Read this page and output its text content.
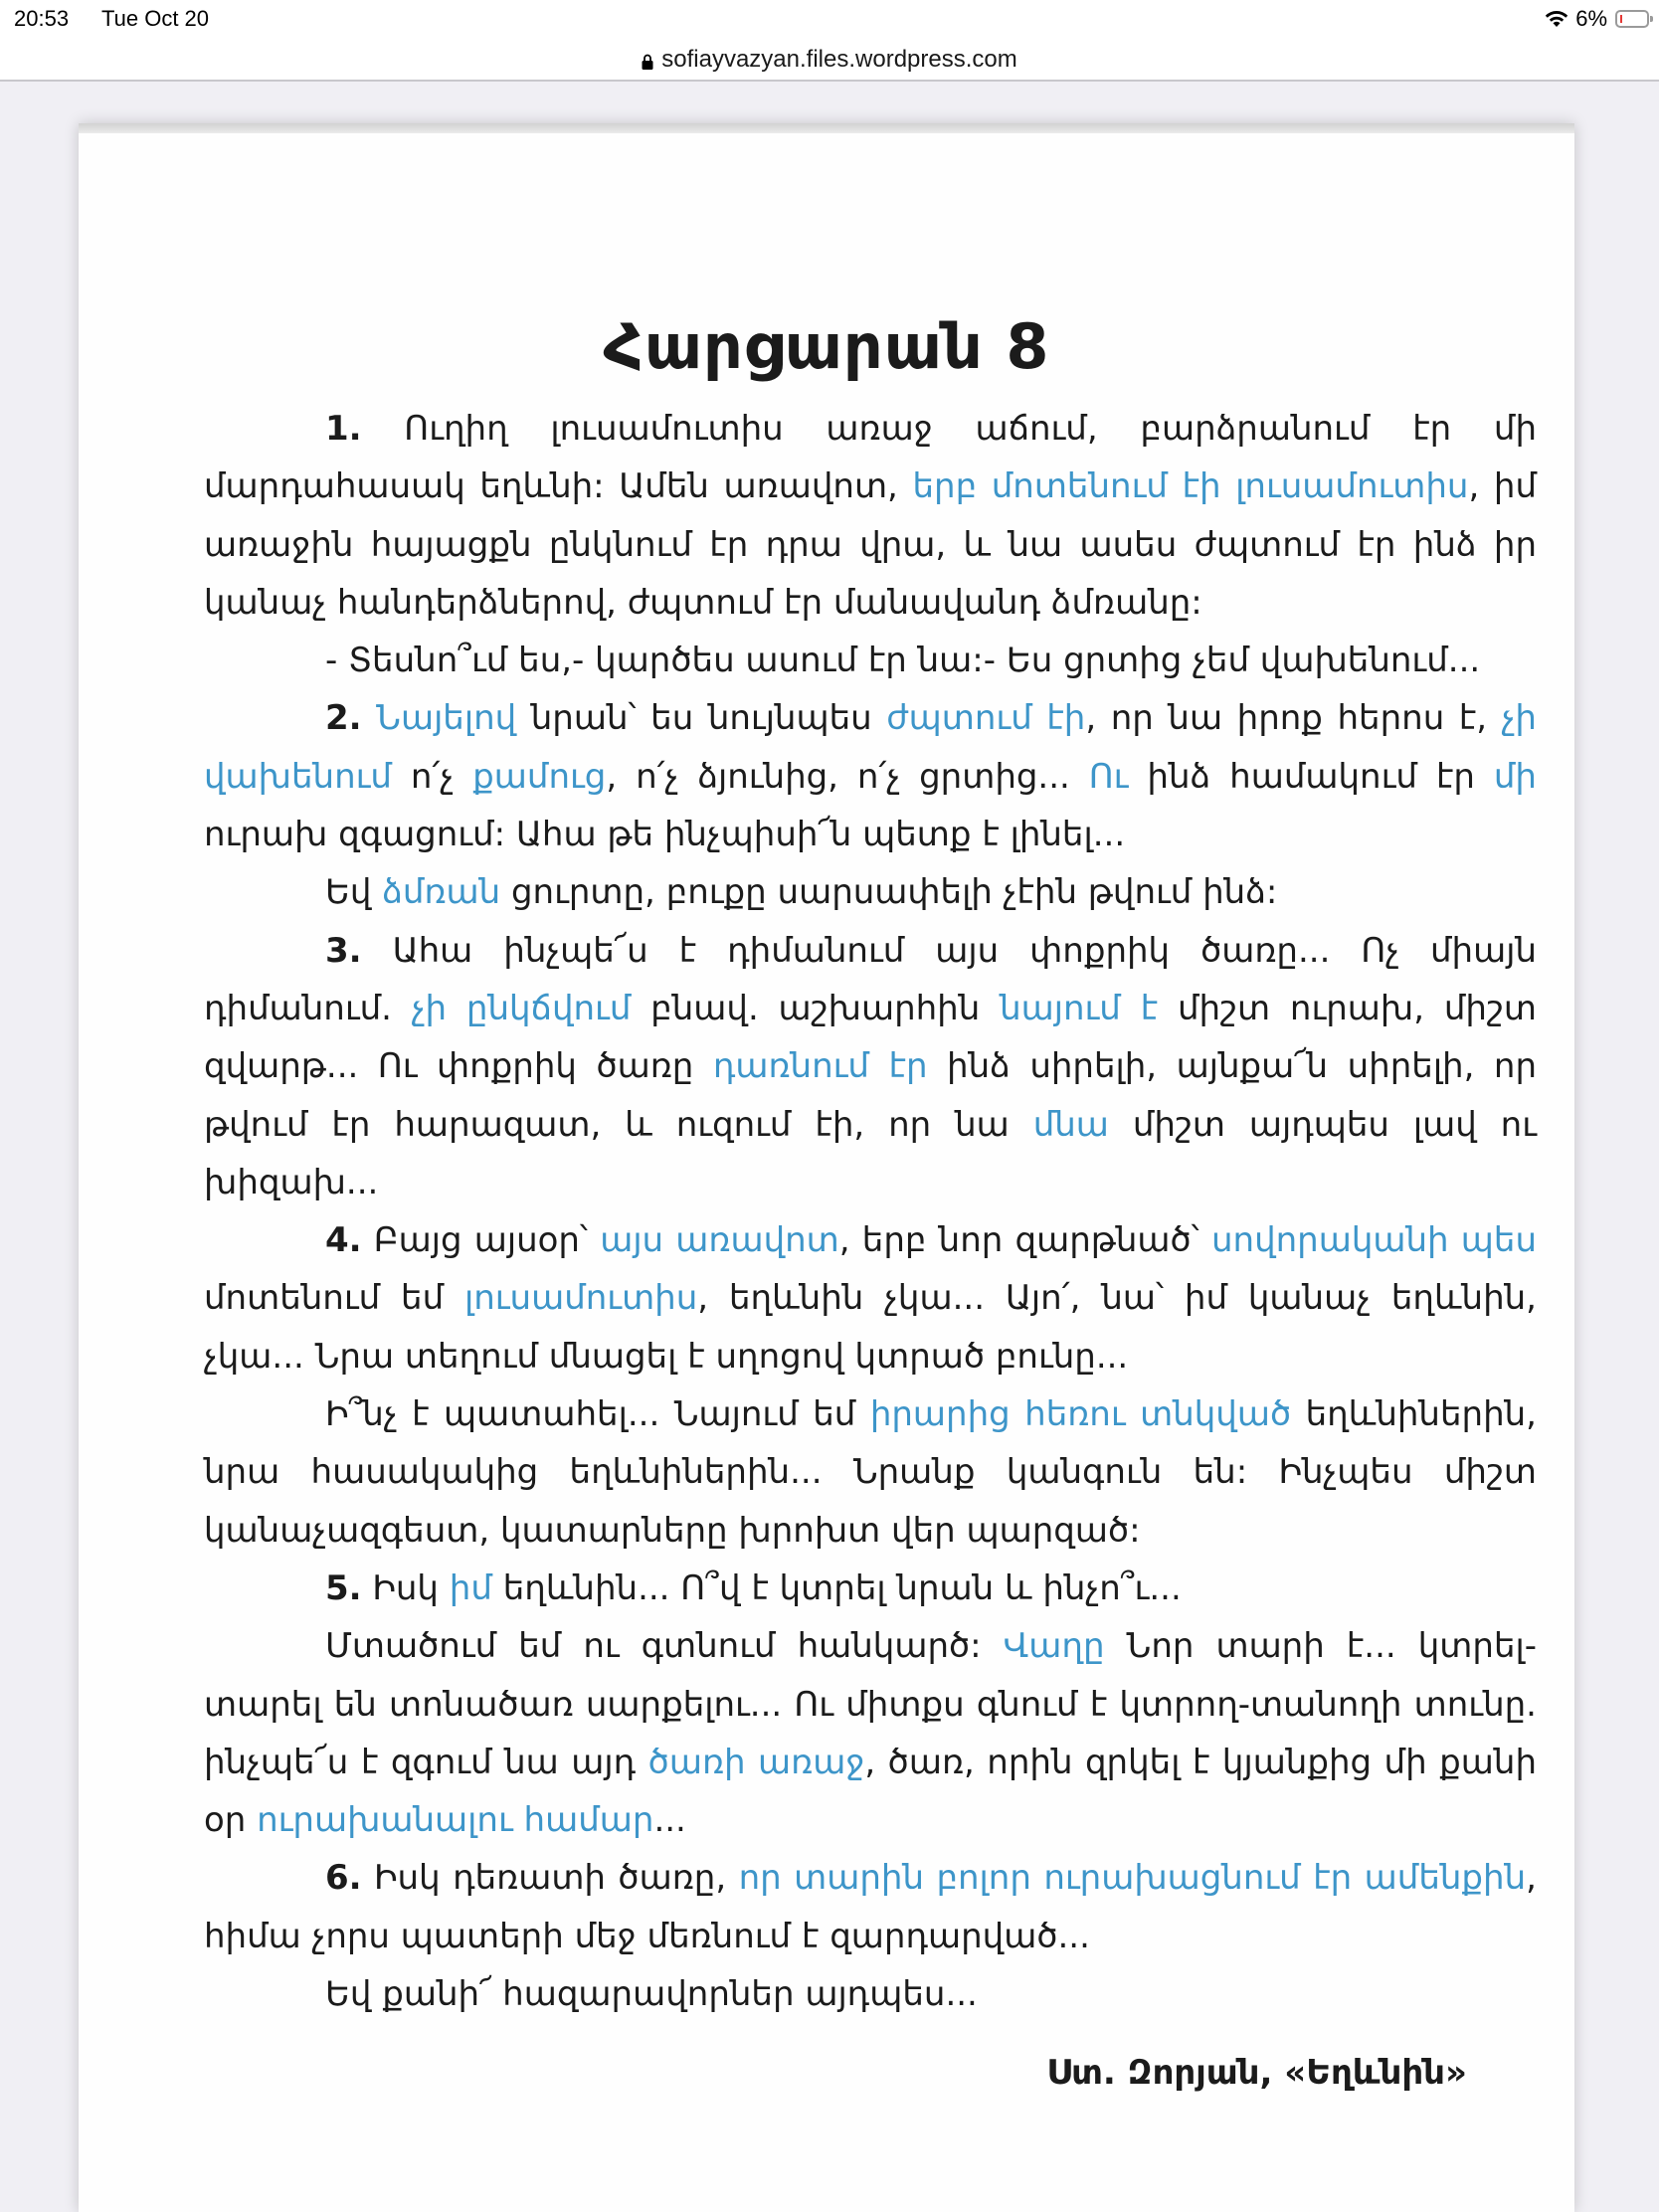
20:53 Tue Oct 20	6%
sofiayvazyan.files.wordpress.com
Հարցարան 8

1. Ուղիղ լուսամուտիս առաջ աճում, բարձրանում էր մի մարդահասակ եղևնի: Ամեն առավոտ, երբ մոտենում էի լուսամուտիս, իմ առաջին հայացքն ընկնում էր դրա վրա, և նա ասես ժպտում էր ինձ իր կանաչ հանդերձներով, ժպտում էր մանավանդ ձմռանը:

- Տեսնո՞ւմ ես,- կարծես ասում էր նա:- Ես ցրտից չեմ վախենում...

2. Նայելով նրան՝ ես նույնպես ժպտում էի, որ նա իրոք հերոս է, չի վախենում ո՛չ քամուց, ո՛չ ձյունից, ո՛չ ցրտից... Ու ինձ համակում էր մի ուրախ զգացում: Ահա թե ինչպիսի՜ն պետք է լինել...

Եվ ձմռան ցուրտը, բուքը սարսափելի չէին թվում ինձ:

3. Ահա ինչպե՜ս է դիմանում այս փոքրիկ ծառը... Ոչ միայն դիմանում. չի ընկճվում բնավ. աշխարհին նայում է միշտ ուրախ, միշտ զվարթ... Ու փոքրիկ ծառը դառնում էր ինձ սիրելի, այնքա՜ն սիրելի, որ թվում էր հարազատ, և ուզում էի, որ նա մնա միշտ այդպես լավ ու խիզախ...

4. Բայց այսօր՝ այս առավոտ, երբ նոր զարթնած՝ սովորականի պես մոտենում եմ լուսամուտիս, եղևնին չկա... Այո՛, նա՝ իմ կանաչ եղևնին, չկա... Նրա տեղում մնացել է սղոցով կտրած բունը...

Ի՞նչ է պատահել... Նայում եմ իրարից հեռու տնկված եղևնիներին, նրա հասակակից եղևնիներին... Նրանք կանգուն են: Ինչպես միշտ կանաչազգեստ, կատարները խրոխտ վեր պարզած:

5. Իսկ իմ եղևնին... Ո՞վ է կտրել նրան և ինչո՞ւ...

Մտածում եմ ու գտնում հանկարծ: Վաղը Նոր տարի է... կտրել-տարել են տոնածառ սարքելու... Ու միտքս գնում է կտրող-տանողի տունը. ինչպե՜ս է զգում նա այդ ծառի առաջ, ծառ, որին զրկել է կյանքից մի քանի օր ուրախանալու համար...

6. Իսկ դեռատի ծառը, որ տարին բոլոր ուրախացնում էր ամենքին, հիմա չորս պատերի մեջ մեռնում է զարդարված...

Եվ քանի՜ հազարավորներ այդպես...

Ստ. Զորյան, «Եղևնին»
